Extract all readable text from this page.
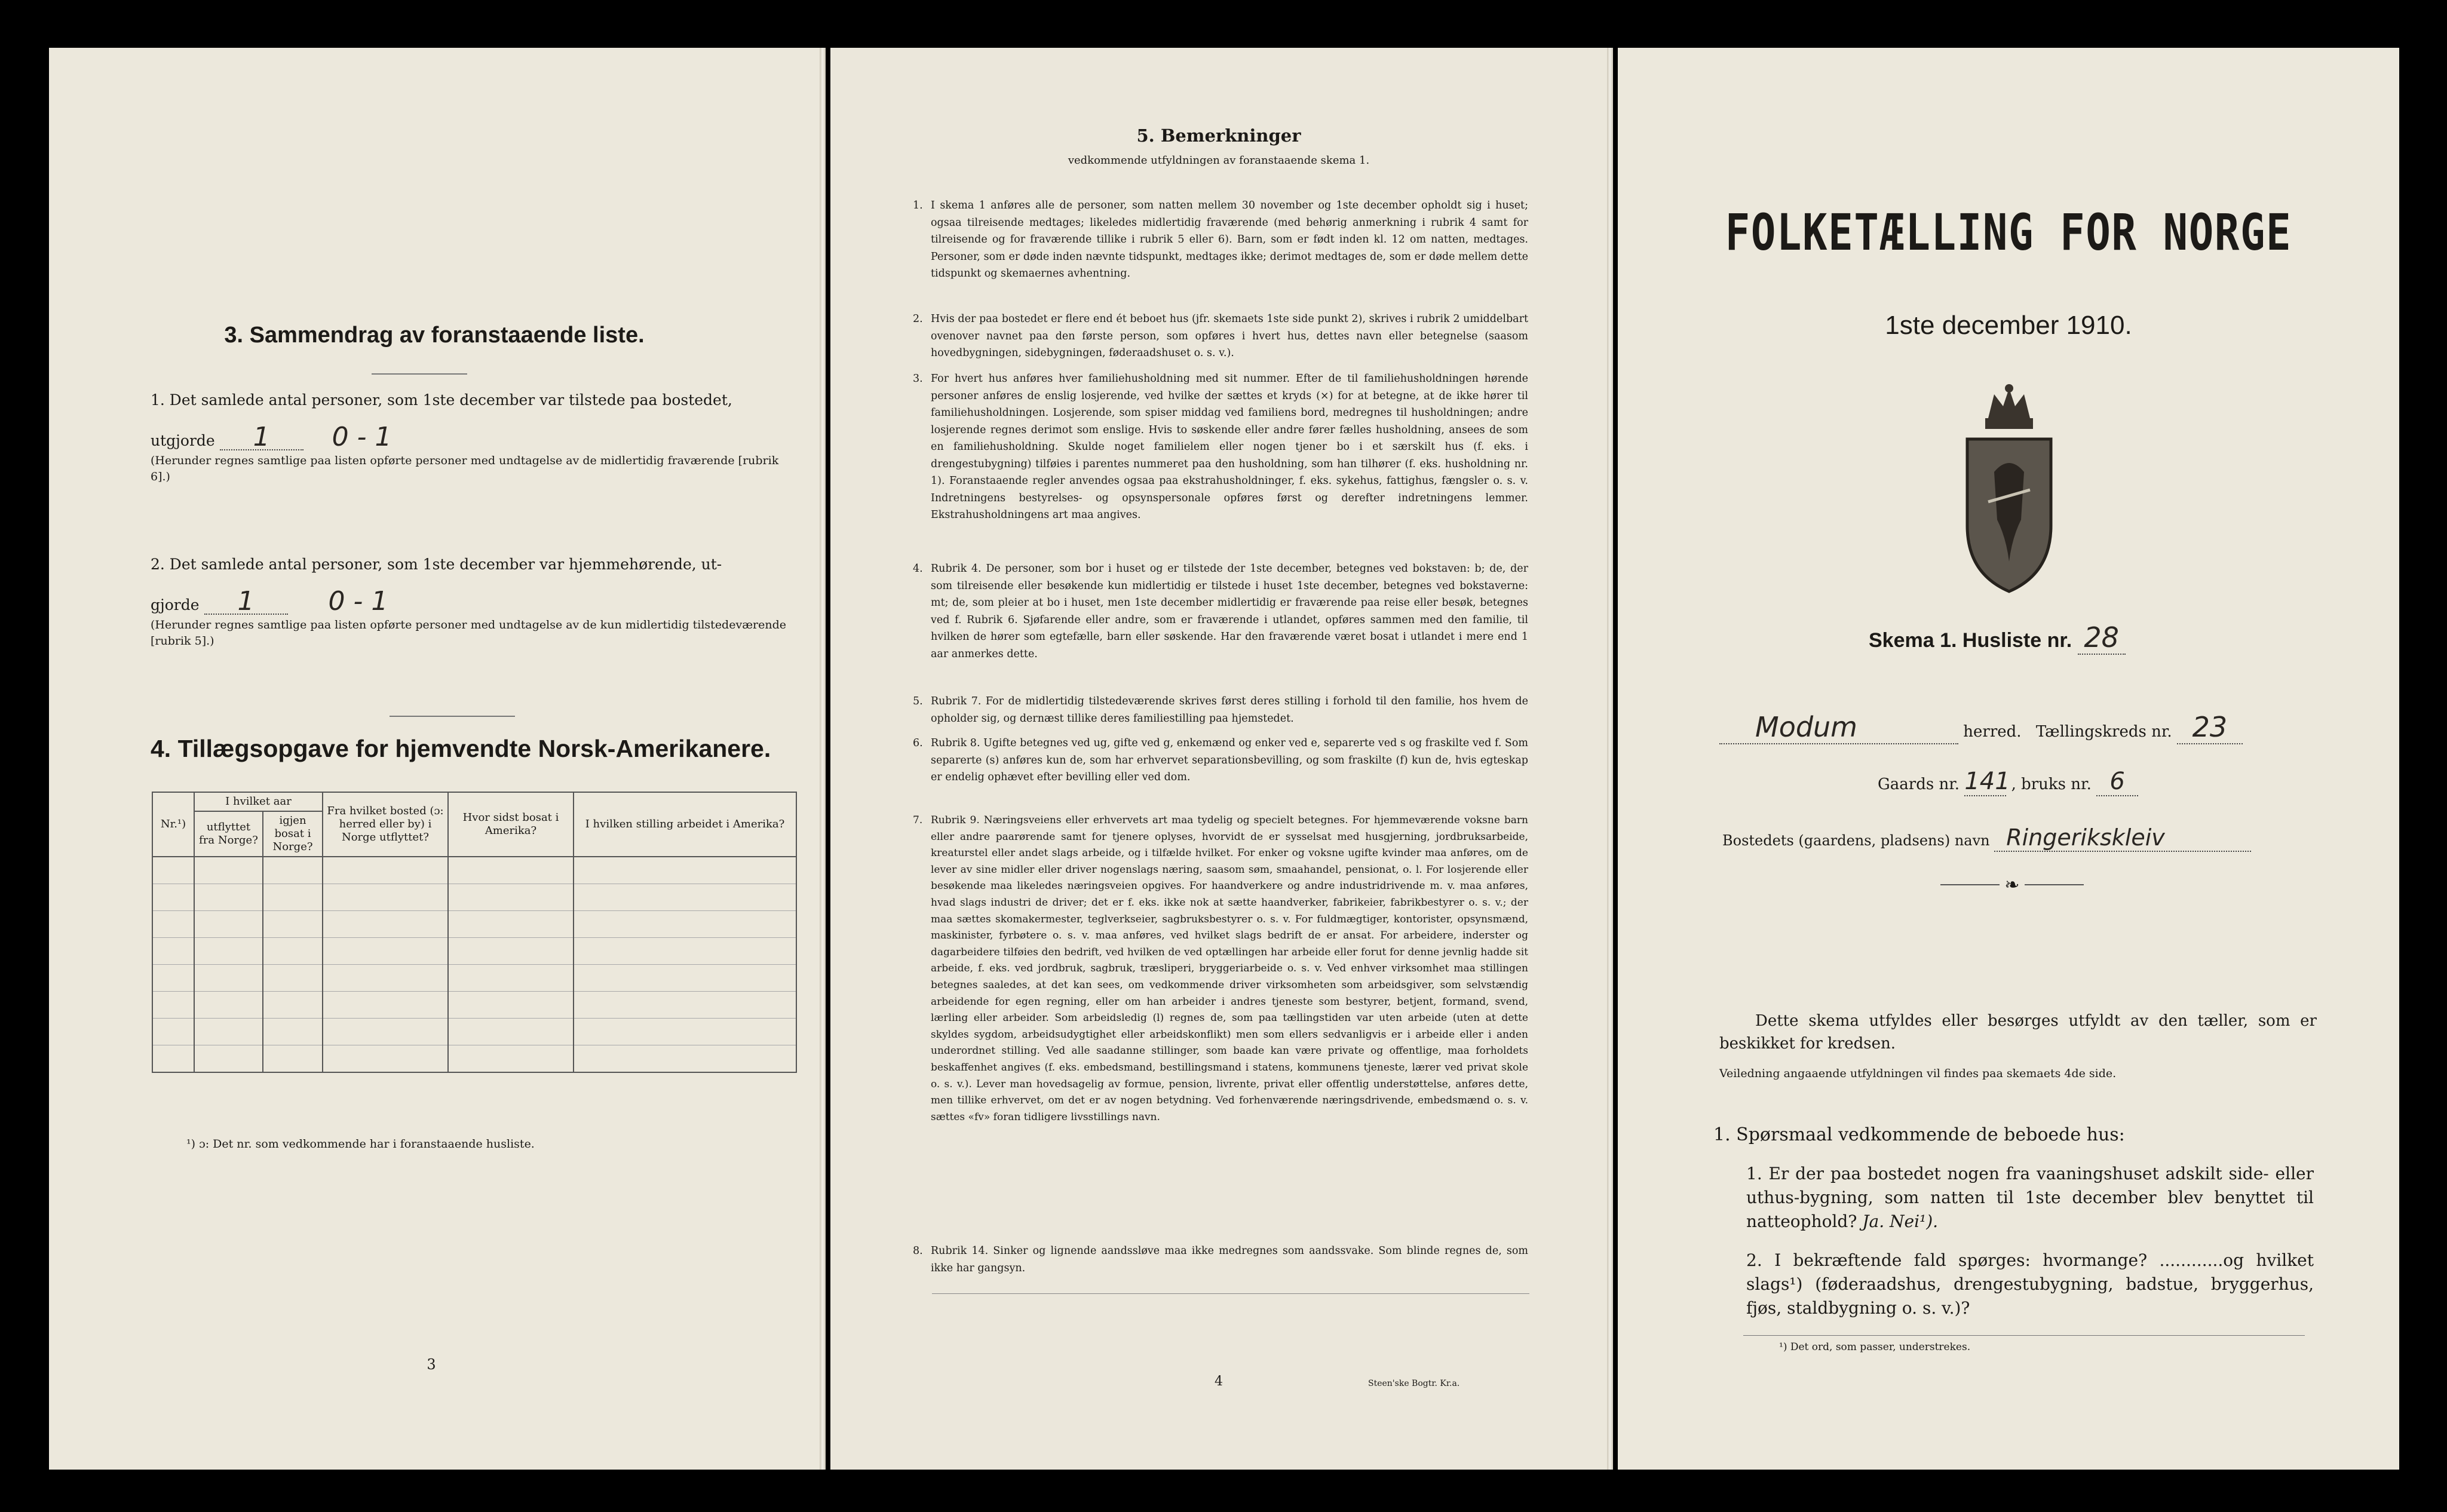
3. Sammendrag av foranstaaende liste.
1. Det samlede antal personer, som 1ste december var tilstede paa bostedet,
utgjorde 1 0 - 1
(Herunder regnes samtlige paa listen opførte personer med undtagelse av de midlertidig fraværende [rubrik 6].)
2. Det samlede antal personer, som 1ste december var hjemmehørende, ut-
gjorde 1	0 - 1
(Herunder regnes samtlige paa listen opførte personer med undtagelse av de kun midlertidig tilstedeværende [rubrik 5].)
4. Tillægsopgave for hjemvendte Norsk-Amerikanere.
Nr.¹)	I hvilket aar		Fra hvilket bosted (ɔ: herred eller by) i Norge utflyttet?	Hvor sidst bosat i Amerika?	I hvilken stilling arbeidet i Amerika?
	utflyttet fra Norge?	igjen bosat i Norge?			

¹) ɔ: Det nr. som vedkommende har i foranstaaende husliste.
3
5. Bemerkninger
vedkommende utfyldningen av foranstaaende skema 1.
1. I skema 1 anføres alle de personer, som natten mellem 30 november og 1ste december opholdt sig i huset; ogsaa tilreisende medtages; likeledes midlertidig fraværende (med behørig anmerkning i rubrik 4 samt for tilreisende og for fraværende tillike i rubrik 5 eller 6). Barn, som er født inden kl. 12 om natten, medtages. Personer, som er døde inden nævnte tidspunkt, medtages ikke; derimot medtages de, som er døde mellem dette tidspunkt og skemaernes avhentning.
2. Hvis der paa bostedet er flere end ét beboet hus (jfr. skemaets 1ste side punkt 2), skrives i rubrik 2 umiddelbart ovenover navnet paa den første person, som opføres i hvert hus, dettes navn eller betegnelse (saasom hovedbygningen, sidebygningen, føderaadshuset o. s. v.).
3. For hvert hus anføres hver familiehusholdning med sit nummer. Efter de til familiehusholdningen hørende personer anføres de enslig losjerende, ved hvilke der sættes et kryds (×) for at betegne, at de ikke hører til familiehusholdningen. Losjerende, som spiser middag ved familiens bord, medregnes til husholdningen; andre losjerende regnes derimot som enslige. Hvis to søskende eller andre fører fælles husholdning, ansees de som en familiehusholdning. Skulde noget familielem eller nogen tjener bo i et særskilt hus (f. eks. i drengestubygning) tilføies i parentes nummeret paa den husholdning, som han tilhører (f. eks. husholdning nr. 1). Foranstaaende regler anvendes ogsaa paa ekstrahusholdninger, f. eks. sykehus, fattighus, fængsler o. s. v. Indretningens bestyrelses- og opsynspersonale opføres først og derefter indretningens lemmer. Ekstrahusholdningens art maa angives.
4. Rubrik 4. De personer, som bor i huset og er tilstede der 1ste december, betegnes ved bokstaven: b; de, der som tilreisende eller besøkende kun midlertidig er tilstede i huset 1ste december, betegnes ved bokstaverne: mt; de, som pleier at bo i huset, men 1ste december midlertidig er fraværende paa reise eller besøk, betegnes ved f. Rubrik 6. Sjøfarende eller andre, som er fraværende i utlandet, opføres sammen med den familie, til hvilken de hører som egtefælle, barn eller søskende. Har den fraværende været bosat i utlandet i mere end 1 aar anmerkes dette.
5. Rubrik 7. For de midlertidig tilstedeværende skrives først deres stilling i forhold til den familie, hos hvem de opholder sig, og dernæst tillike deres familiestilling paa hjemstedet.
6. Rubrik 8. Ugifte betegnes ved ug, gifte ved g, enkemænd og enker ved e, separerte ved s og fraskilte ved f. Som separerte (s) anføres kun de, som har erhvervet separationsbevilling, og som fraskilte (f) kun de, hvis egteskap er endelig ophævet efter bevilling eller ved dom.
7. Rubrik 9. Næringsveiens eller erhvervets art maa tydelig og specielt betegnes. For hjemmeværende voksne barn eller andre paarørende samt for tjenere oplyses, hvorvidt de er sysselsat med husgjerning, jordbruksarbeide, kreaturstel eller andet slags arbeide, og i tilfælde hvilket. For enker og voksne ugifte kvinder maa anføres, om de lever av sine midler eller driver nogenslags næring, saasom søm, smaahandel, pensionat, o. l. For losjerende eller besøkende maa likeledes næringsveien opgives. For haandverkere og andre industridrivende m. v. maa anføres, hvad slags industri de driver; det er f. eks. ikke nok at sætte haandverker, fabrikeier, fabrikbestyrer o. s. v.; der maa sættes skomakermester, teglverkseier, sagbruksbestyrer o. s. v. For fuldmægtiger, kontorister, opsynsmænd, maskinister, fyrbøtere o. s. v. maa anføres, ved hvilket slags bedrift de er ansat. For arbeidere, inderster og dagarbeidere tilføies den bedrift, ved hvilken de ved optællingen har arbeide eller forut for denne jevnlig hadde sit arbeide, f. eks. ved jordbruk, sagbruk, træsliperi, bryggeriarbeide o. s. v. Ved enhver virksomhet maa stillingen betegnes saaledes, at det kan sees, om vedkommende driver virksomheten som arbeidsgiver, som selvstændig arbeidende for egen regning, eller om han arbeider i andres tjeneste som bestyrer, betjent, formand, svend, lærling eller arbeider. Som arbeidsledig (l) regnes de, som paa tællingstiden var uten arbeide (uten at dette skyldes sygdom, arbeidsudygtighet eller arbeidskonflikt) men som ellers sedvanligvis er i arbeide eller i anden underordnet stilling. Ved alle saadanne stillinger, som baade kan være private og offentlige, maa forholdets beskaffenhet angives (f. eks. embedsmand, bestillingsmand i statens, kommunens tjeneste, lærer ved privat skole o. s. v.). Lever man hovedsagelig av formue, pension, livrente, privat eller offentlig understøttelse, anføres dette, men tillike erhvervet, om det er av nogen betydning. Ved forhenværende næringsdrivende, embedsmænd o. s. v. sættes «fv» foran tidligere livsstillings navn.
8. Rubrik 14. Sinker og lignende aandssløve maa ikke medregnes som aandssvake. Som blinde regnes de, som ikke har gangsyn.
4	Steen'ske Bogtr. Kr.a.
FOLKETÆLLING FOR NORGE
1ste december 1910.
Skema 1. Husliste nr. 28
Modum	herred. Tællingskreds nr. 23
Gaards nr. 141 , bruks nr. 6
Bostedets (gaardens, pladsens) navn Ringerikskleiv
❧
Dette skema utfyldes eller besørges utfyldt av den tæller, som er beskikket for kredsen.
Veiledning angaaende utfyldningen vil findes paa skemaets 4de side.
1. Spørsmaal vedkommende de beboede hus:
1. Er der paa bostedet nogen fra vaaningshuset adskilt side- eller uthus-bygning, som natten til 1ste december blev benyttet til natteophold? Ja. Nei¹).
2. I bekræftende fald spørges: hvormange? ............og hvilket slags¹) (føderaadshus, drengestubygning, badstue, bryggerhus, fjøs, staldbygning o. s. v.)?
¹) Det ord, som passer, understrekes.
